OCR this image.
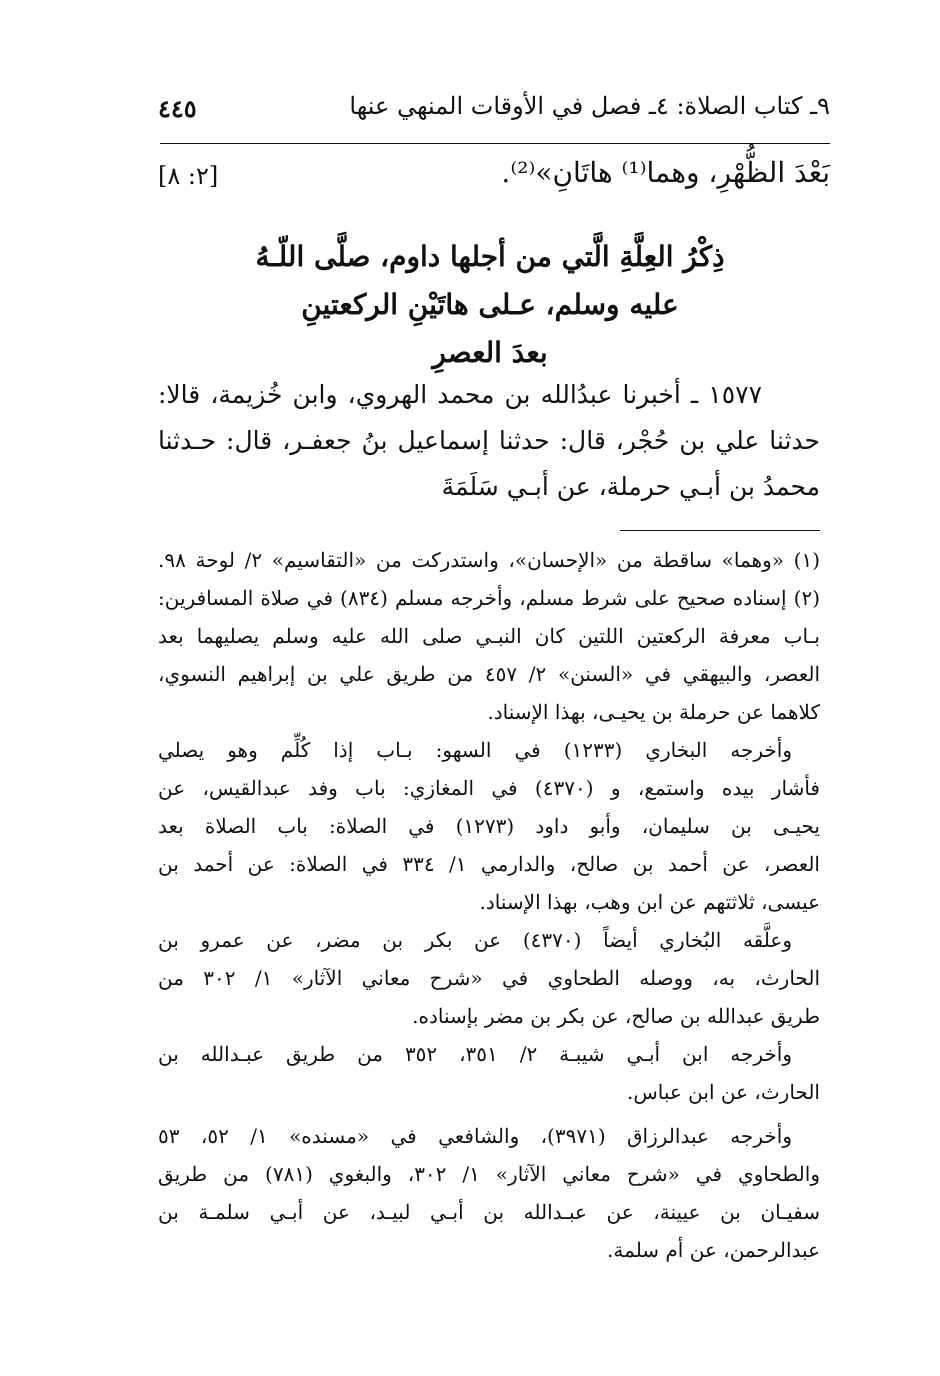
٩ـ كتاب الصلاة: ٤ـ فصل في الأوقات المنهي عنها
٤٤٥
بَعْدَ الظُّهْرِ، وهما⁽¹⁾ هاتَانِ»⁽²⁾.
[٢: ٨]
ذِكْرُ العِلَّةِ الَّتي من أجلها داوم، صلَّى اللّـهُ
عليه وسلم، عـلى هاتَيْنِ الركعتينِ
بعدَ العصرِ
١٥٧٧ ـ أخبرنا عبدُالله بن محمد الهروي، وابن خُزيمة، قالا:
حدثنا علي بن حُجْر، قال: حدثنا إسماعيل بنُ جعفـر، قال: حـدثنا
محمدُ بن أبـي حرملة، عن أبـي سَلَمَةَ
(١) «وهما» ساقطة من «الإحسان»، واستدركت من «التقاسيم» ٢/ لوحة ٩٨.
(٢) إسناده صحيح على شرط مسلم، وأخرجه مسلم (٨٣٤) في صلاة المسافرين:
بـاب معرفة الركعتين اللتين كان النبـي صلى الله عليه وسلم يصليهما بعد
العصر، والبيهقي في «السنن» ٢/ ٤٥٧ من طريق علي بن إبراهيم النسوي،
كلاهما عن حرملة بن يحيـى، بهذا الإسناد.
وأخرجه البخاري (١٢٣٣) في السهو: بـاب إذا كُلِّم وهو يصلي
فأشار بيده واستمع، و (٤٣٧٠) في المغازي: باب وفد عبدالقيس، عن
يحيـى بن سليمان، وأبو داود (١٢٧٣) في الصلاة: باب الصلاة بعد
العصر، عن أحمد بن صالح، والدارمي ١/ ٣٣٤ في الصلاة: عن أحمد بن
عيسى، ثلاثتهم عن ابن وهب، بهذا الإسناد.
وعلَّقه البُخاري أيضاً (٤٣٧٠) عن بكر بن مضر، عن عمرو بن
الحارث، به، ووصله الطحاوي في «شرح معاني الآثار» ١/ ٣٠٢ من
طريق عبدالله بن صالح، عن بكر بن مضر بإسناده.
وأخرجه ابن أبـي شيبـة ٢/ ٣٥١، ٣٥٢ من طريق عبـدالله بن
الحارث، عن ابن عباس.
وأخرجه عبدالرزاق (٣٩٧١)، والشافعي في «مسنده» ١/ ٥٢، ٥٣
والطحاوي في «شرح معاني الآثار» ١/ ٣٠٢، والبغوي (٧٨١) من طريق
سفيـان بن عيينة، عن عبـدالله بن أبـي لبيـد، عن أبـي سلمـة بن
عبدالرحمن، عن أم سلمة.
